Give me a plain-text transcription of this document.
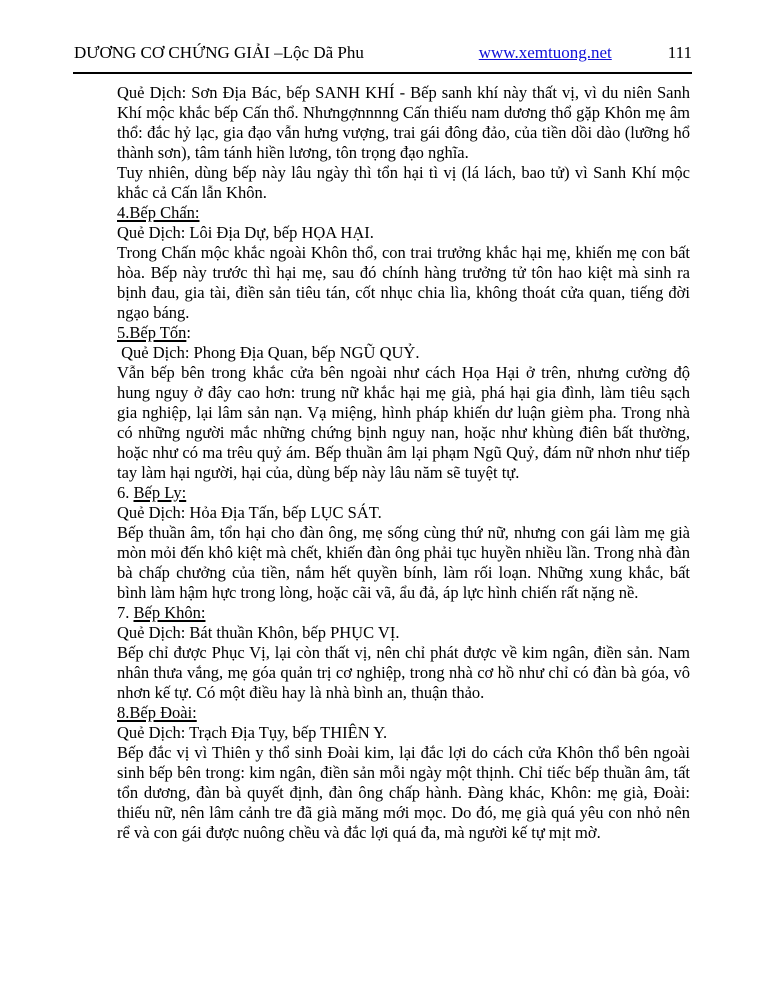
DƯƠNG CƠ CHỨNG GIẢI –Lộc Dã Phu	www.xemtuong.net	111

Quẻ Dịch: Sơn Địa Bác, bếp SANH KHÍ - Bếp sanh khí này thất vị, vì du niên Sanh Khí mộc khắc bếp Cấn thổ. Nhưngợnnnng Cấn thiếu nam dương thổ gặp Khôn mẹ âm thổ: đắc hỷ lạc, gia đạo vẫn hưng vượng, trai gái đông đảo, của tiền dồi dào (lưỡng hổ thành sơn), tâm tánh hiền lương, tôn trọng đạo nghĩa.

Tuy nhiên, dùng bếp này lâu ngày thì tổn hại tì vị (lá lách, bao tử) vì Sanh Khí mộc khắc cả Cấn lẫn Khôn.

4.Bếp Chấn:

Quẻ Dịch: Lôi Địa Dự, bếp HỌA HẠI.

Trong Chấn mộc khắc ngoài Khôn thổ, con trai trưởng khắc hại mẹ, khiến mẹ con bất hòa. Bếp này trước thì hại mẹ, sau đó chính hàng trưởng tử tôn hao kiệt mà sinh ra bịnh đau, gia tài, điền sản tiêu tán, cốt nhục chia lìa, không thoát cửa quan, tiếng đời ngạo báng.

5.Bếp Tốn:

Quẻ Dịch: Phong Địa Quan, bếp NGŨ QUỶ.

Vẫn bếp bên trong khắc cửa bên ngoài như cách Họa Hại ở trên, nhưng cường độ hung nguy ở đây cao hơn: trung nữ khắc hại mẹ già, phá hại gia đình, làm tiêu sạch gia nghiệp, lại lâm sản nạn. Vạ miệng, hình pháp khiến dư luận gièm pha. Trong nhà có những người mắc những chứng bịnh nguy nan, hoặc như khùng điên bất thường, hoặc như có ma trêu quỷ ám. Bếp thuần âm lại phạm Ngũ Quỷ, đám nữ nhơn như tiếp tay làm hại người, hại của, dùng bếp này lâu năm sẽ tuyệt tự.

6. Bếp Ly:

Quẻ Dịch: Hỏa Địa Tấn, bếp LỤC SÁT.

Bếp thuần âm, tổn hại cho đàn ông, mẹ sống cùng thứ nữ, nhưng con gái làm mẹ già mòn mỏi đến khô kiệt mà chết, khiến đàn ông phải tục huyền nhiều lần. Trong nhà đàn bà chấp chưởng của tiền, nắm hết quyền bính, làm rối loạn. Những xung khắc, bất bình làm hậm hực trong lòng, hoặc cãi vã, ẩu đả, áp lực hình chiến rất nặng nề.

7. Bếp Khôn:

Quẻ Dịch: Bát thuần Khôn, bếp PHỤC VỊ.

Bếp chỉ được Phục Vị, lại còn thất vị, nên chỉ phát được về kim ngân, điền sản. Nam nhân thưa vắng, mẹ góa quản trị cơ nghiệp, trong nhà cơ hồ như chỉ có đàn bà góa, vô nhơn kế tự. Có một điều hay là nhà bình an, thuận thảo.

8.Bếp Đoài:

Quẻ Dịch: Trạch Địa Tụy, bếp THIÊN Y.

Bếp đắc vị vì Thiên y thổ sinh Đoài kim, lại đắc lợi do cách cửa Khôn thổ bên ngoài sinh bếp bên trong: kim ngân, điền sản mỗi ngày một thịnh. Chỉ tiếc bếp thuần âm, tất tổn dương, đàn bà quyết định, đàn ông chấp hành. Đàng khác, Khôn: mẹ già, Đoài: thiếu nữ, nên lâm cảnh tre đã già măng mới mọc. Do đó, mẹ già quá yêu con nhỏ nên rể và con gái được nuông chều và đắc lợi quá đa, mà người kế tự mịt mờ.
